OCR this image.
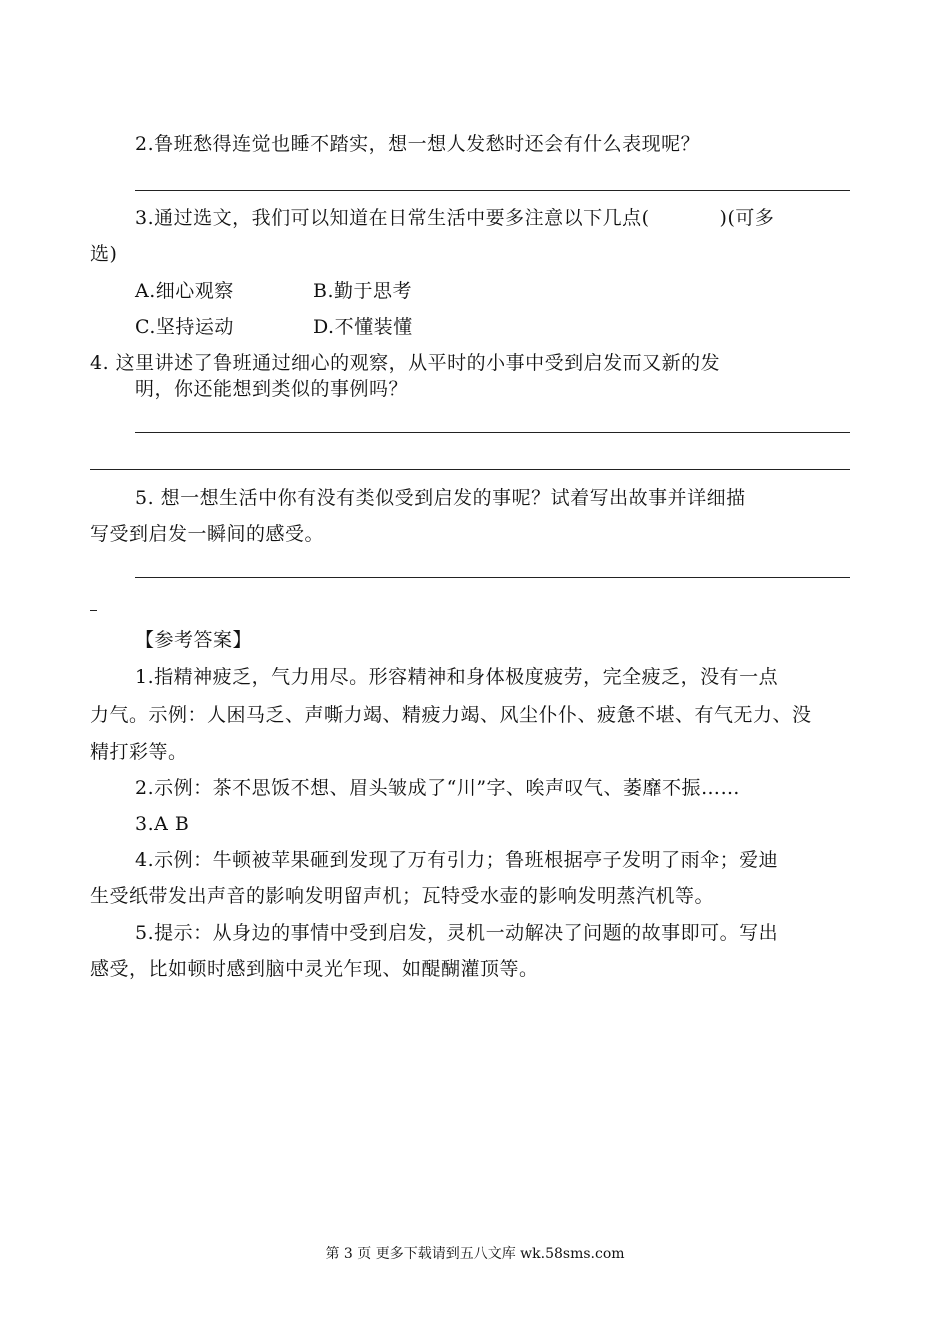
2.鲁班愁得连觉也睡不踏实，想一想人发愁时还会有什么表现呢？
3.通过选文，我们可以知道在日常生活中要多注意以下几点(	)(可多
选)
A.细心观察	B.勤于思考
C.坚持运动	D.不懂装懂
4. 这里讲述了鲁班通过细心的观察，从平时的小事中受到启发而又新的发
明，你还能想到类似的事例吗？
5. 想一想生活中你有没有类似受到启发的事呢？试着写出故事并详细描
写受到启发一瞬间的感受。
【参考答案】
1.指精神疲乏，气力用尽。形容精神和身体极度疲劳，完全疲乏，没有一点
力气。示例：人困马乏、声嘶力竭、精疲力竭、风尘仆仆、疲惫不堪、有气无力、没
精打彩等。
2.示例：茶不思饭不想、眉头皱成了“川”字、唉声叹气、萎靡不振……
3.A B
4.示例：牛顿被苹果砸到发现了万有引力；鲁班根据亭子发明了雨伞；爱迪
生受纸带发出声音的影响发明留声机；瓦特受水壶的影响发明蒸汽机等。
5.提示：从身边的事情中受到启发，灵机一动解决了问题的故事即可。写出
感受，比如顿时感到脑中灵光乍现、如醍醐灌顶等。
第 3 页 更多下载请到五八文库 wk.58sms.com
